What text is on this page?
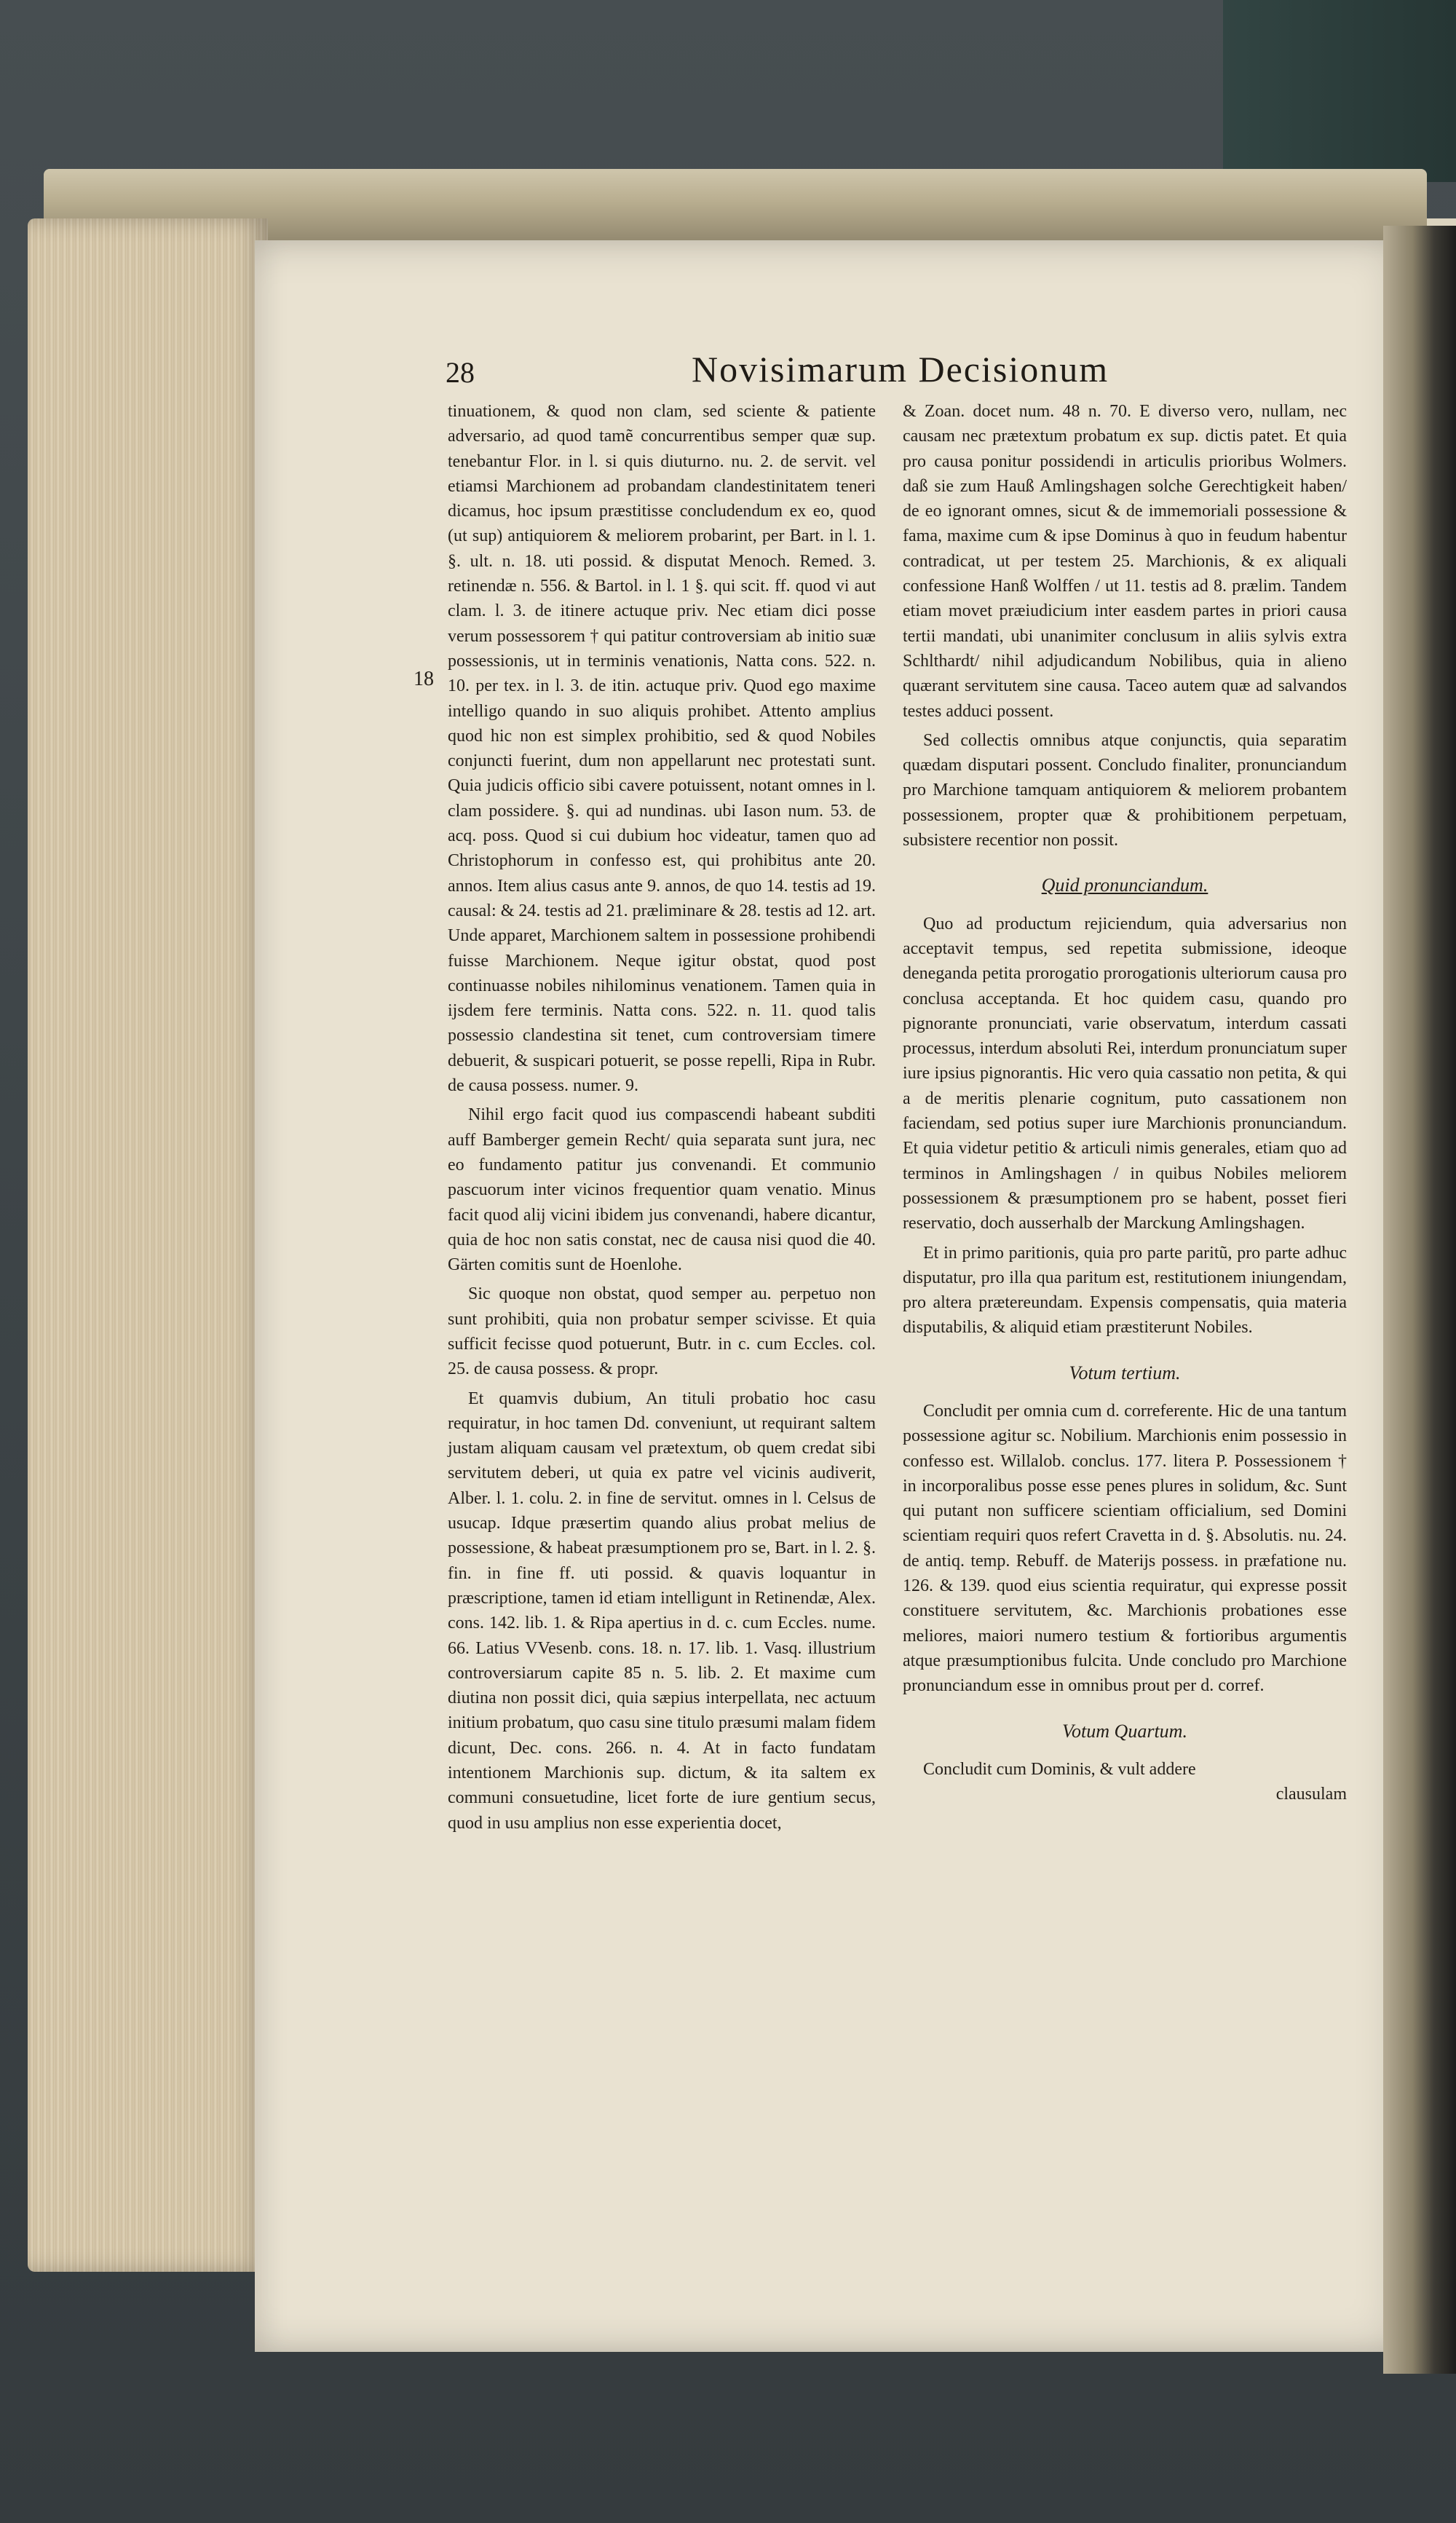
28	Novisimarum Decisionum
18

tinuationem, & quod non clam, sed sciente & patiente adversario, ad quod tamẽ concurrentibus semper quæ sup. tenebantur Flor. in l. si quis diuturno. nu. 2. de servit. vel etiamsi Marchionem ad probandam clandestinitatem teneri dicamus, hoc ipsum præstitisse concludendum ex eo, quod (ut sup) antiquiorem & meliorem probarint, per Bart. in l. 1. §. ult. n. 18. uti possid. & disputat Menoch. Remed. 3. retinendæ n. 556. & Bartol. in l. 1 §. qui scit. ff. quod vi aut clam. l. 3. de itinere actuque priv. Nec etiam dici posse verum possessorem † qui patitur controversiam ab initio suæ possessionis, ut in terminis venationis, Natta cons. 522. n. 10. per tex. in l. 3. de itin. actuque priv. Quod ego maxime intelligo quando in suo aliquis prohibet. Attento amplius quod hic non est simplex prohibitio, sed & quod Nobiles conjuncti fuerint, dum non appellarunt nec protestati sunt. Quia judicis officio sibi cavere potuissent, notant omnes in l. clam possidere. §. qui ad nundinas. ubi Iason num. 53. de acq. poss. Quod si cui dubium hoc videatur, tamen quo ad Christophorum in confesso est, qui prohibitus ante 20. annos. Item alius casus ante 9. annos, de quo 14. testis ad 19. causal: & 24. testis ad 21. præliminare & 28. testis ad 12. art. Unde apparet, Marchionem saltem in possessione prohibendi fuisse Marchionem. Neque igitur obstat, quod post continuasse nobiles nihilominus venationem. Tamen quia in ijsdem fere terminis. Natta cons. 522. n. 11. quod talis possessio clandestina sit tenet, cum controversiam timere debuerit, & suspicari potuerit, se posse repelli, Ripa in Rubr. de causa possess. numer. 9.

Nihil ergo facit quod ius compascendi habeant subditi auff Bamberger gemein Recht/ quia separata sunt jura, nec eo fundamento patitur jus convenandi. Et communio pascuorum inter vicinos frequentior quam venatio. Minus facit quod alij vicini ibidem jus convenandi, habere dicantur, quia de hoc non satis constat, nec de causa nisi quod die 40. Gärten comitis sunt de Hoenlohe.

Sic quoque non obstat, quod semper au. perpetuo non sunt prohibiti, quia non probatur semper scivisse. Et quia sufficit fecisse quod potuerunt, Butr. in c. cum Eccles. col. 25. de causa possess. & propr.

Et quamvis dubium, An tituli probatio hoc casu requiratur, in hoc tamen Dd. conveniunt, ut requirant saltem justam aliquam causam vel prætextum, ob quem credat sibi servitutem deberi, ut quia ex patre vel vicinis audiverit, Alber. l. 1. colu. 2. in fine de servitut. omnes in l. Celsus de usucap. Idque præsertim quando alius probat melius de possessione, & habeat præsumptionem pro se, Bart. in l. 2. §. fin. in fine ff. uti possid. & quavis loquantur in præscriptione, tamen id etiam intelligunt in Retinendæ, Alex. cons. 142. lib. 1. & Ripa apertius in d. c. cum Eccles. nume. 66. Latius VVesenb. cons. 18. n. 17. lib. 1. Vasq. illustrium controversiarum capite 85 n. 5. lib. 2. Et maxime cum diutina non possit dici, quia sæpius interpellata, nec actuum initium probatum, quo casu sine titulo præsumi malam fidem dicunt, Dec. cons. 266. n. 4. At in facto fundatam intentionem Marchionis sup. dictum, & ita saltem ex communi consuetudine, licet forte de iure gentium secus, quod in usu amplius non esse experientia docet,

& Zoan. docet num. 48 n. 70. E diverso vero, nullam, nec causam nec prætextum probatum ex sup. dictis patet. Et quia pro causa ponitur possidendi in articulis prioribus Wolmers. daß sie zum Hauß Amlingshagen solche Gerechtigkeit haben/ de eo ignorant omnes, sicut & de immemoriali possessione & fama, maxime cum & ipse Dominus à quo in feudum habentur contradicat, ut per testem 25. Marchionis, & ex aliquali confessione Hanß Wolffen / ut 11. testis ad 8. prælim. Tandem etiam movet præiudicium inter easdem partes in priori causa tertii mandati, ubi unanimiter conclusum in aliis sylvis extra Schlthardt/ nihil adjudicandum Nobilibus, quia in alieno quærant servitutem sine causa. Taceo autem quæ ad salvandos testes adduci possent.

Sed collectis omnibus atque conjunctis, quia separatim quædam disputari possent. Concludo finaliter, pronunciandum pro Marchione tamquam antiquiorem & meliorem probantem possessionem, propter quæ & prohibitionem perpetuam, subsistere recentior non possit.

Quid pronunciandum.

Quo ad productum rejiciendum, quia adversarius non acceptavit tempus, sed repetita submissione, ideoque deneganda petita prorogatio prorogationis ulteriorum causa pro conclusa acceptanda. Et hoc quidem casu, quando pro pignorante pronunciati, varie observatum, interdum cassati processus, interdum absoluti Rei, interdum pronunciatum super iure ipsius pignorantis. Hic vero quia cassatio non petita, & qui a de meritis plenarie cognitum, puto cassationem non faciendam, sed potius super iure Marchionis pronunciandum. Et quia videtur petitio & articuli nimis generales, etiam quo ad terminos in Amlingshagen / in quibus Nobiles meliorem possessionem & præsumptionem pro se habent, posset fieri reservatio, doch ausserhalb der Marckung Amlingshagen.

Et in primo paritionis, quia pro parte paritũ, pro parte adhuc disputatur, pro illa qua paritum est, restitutionem iniungendam, pro altera prætereundam. Expensis compensatis, quia materia disputabilis, & aliquid etiam præstiterunt Nobiles.

Votum tertium.

Concludit per omnia cum d. correferente. Hic de una tantum possessione agitur sc. Nobilium. Marchionis enim possessio in confesso est. Willalob. conclus. 177. litera P. Possessionem † in incorporalibus posse esse penes plures in solidum, &c. Sunt qui putant non sufficere scientiam officialium, sed Domini scientiam requiri quos refert Cravetta in d. §. Absolutis. nu. 24. de antiq. temp. Rebuff. de Materijs possess. in præfatione nu. 126. & 139. quod eius scientia requiratur, qui expresse possit constituere servitutem, &c. Marchionis probationes esse meliores, maiori numero testium & fortioribus argumentis atque præsumptionibus fulcita. Unde concludo pro Marchione pronunciandum esse in omnibus prout per d. corref.

Votum Quartum.

Concludit cum Dominis, & vult addere

clausulam
